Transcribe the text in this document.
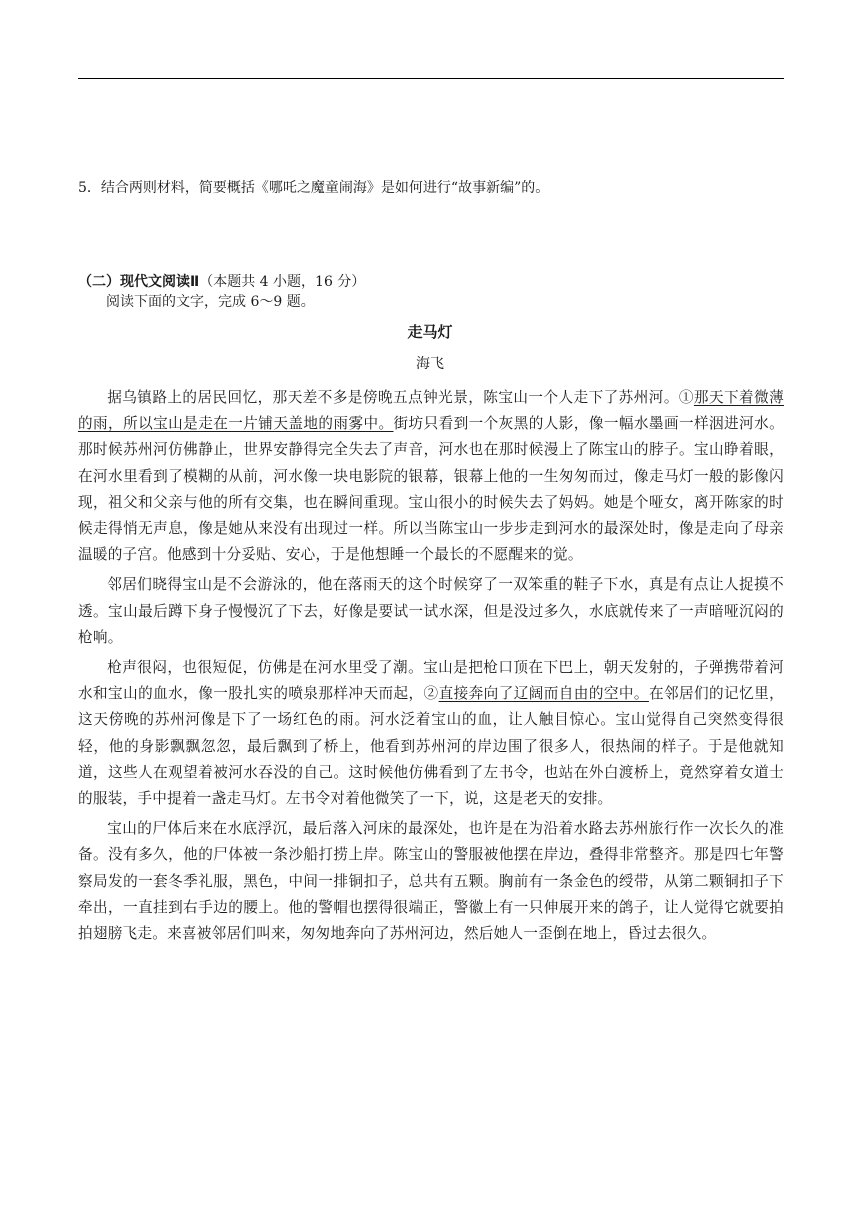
5．结合两则材料，简要概括《哪吒之魔童闹海》是如何进行“故事新编”的。
（二）现代文阅读Ⅱ（本题共 4 小题，16 分）
阅读下面的文字，完成 6～9 题。
走马灯
海飞

据乌镇路上的居民回忆，那天差不多是傍晚五点钟光景，陈宝山一个人走下了苏州河。①那天下着微薄的雨，所以宝山是走在一片铺天盖地的雨雾中。街坊只看到一个灰黑的人影，像一幅水墨画一样洇进河水。那时候苏州河仿佛静止，世界安静得完全失去了声音，河水也在那时候漫上了陈宝山的脖子。宝山睁着眼，在河水里看到了模糊的从前，河水像一块电影院的银幕，银幕上他的一生匆匆而过，像走马灯一般的影像闪现，祖父和父亲与他的所有交集，也在瞬间重现。宝山很小的时候失去了妈妈。她是个哑女，离开陈家的时候走得悄无声息，像是她从来没有出现过一样。所以当陈宝山一步步走到河水的最深处时，像是走向了母亲温暖的子宫。他感到十分妥贴、安心，于是他想睡一个最长的不愿醒来的觉。

邻居们晓得宝山是不会游泳的，他在落雨天的这个时候穿了一双笨重的鞋子下水，真是有点让人捉摸不透。宝山最后蹲下身子慢慢沉了下去，好像是要试一试水深，但是没过多久，水底就传来了一声暗哑沉闷的枪响。

枪声很闷，也很短促，仿佛是在河水里受了潮。宝山是把枪口顶在下巴上，朝天发射的，子弹携带着河水和宝山的血水，像一股扎实的喷泉那样冲天而起，②直接奔向了辽阔而自由的空中。在邻居们的记忆里，这天傍晚的苏州河像是下了一场红色的雨。河水泛着宝山的血，让人触目惊心。宝山觉得自己突然变得很轻，他的身影飘飘忽忽，最后飘到了桥上，他看到苏州河的岸边围了很多人，很热闹的样子。于是他就知道，这些人在观望着被河水吞没的自己。这时候他仿佛看到了左书令，也站在外白渡桥上，竟然穿着女道士的服装，手中提着一盏走马灯。左书令对着他微笑了一下，说，这是老天的安排。

宝山的尸体后来在水底浮沉，最后落入河床的最深处，也许是在为沿着水路去苏州旅行作一次长久的准备。没有多久，他的尸体被一条沙船打捞上岸。陈宝山的警服被他摆在岸边，叠得非常整齐。那是四七年警察局发的一套冬季礼服，黑色，中间一排铜扣子，总共有五颗。胸前有一条金色的绶带，从第二颗铜扣子下牵出，一直挂到右手边的腰上。他的警帽也摆得很端正，警徽上有一只伸展开来的鸽子，让人觉得它就要拍拍翅膀飞走。来喜被邻居们叫来，匆匆地奔向了苏州河边，然后她人一歪倒在地上，昏过去很久。
